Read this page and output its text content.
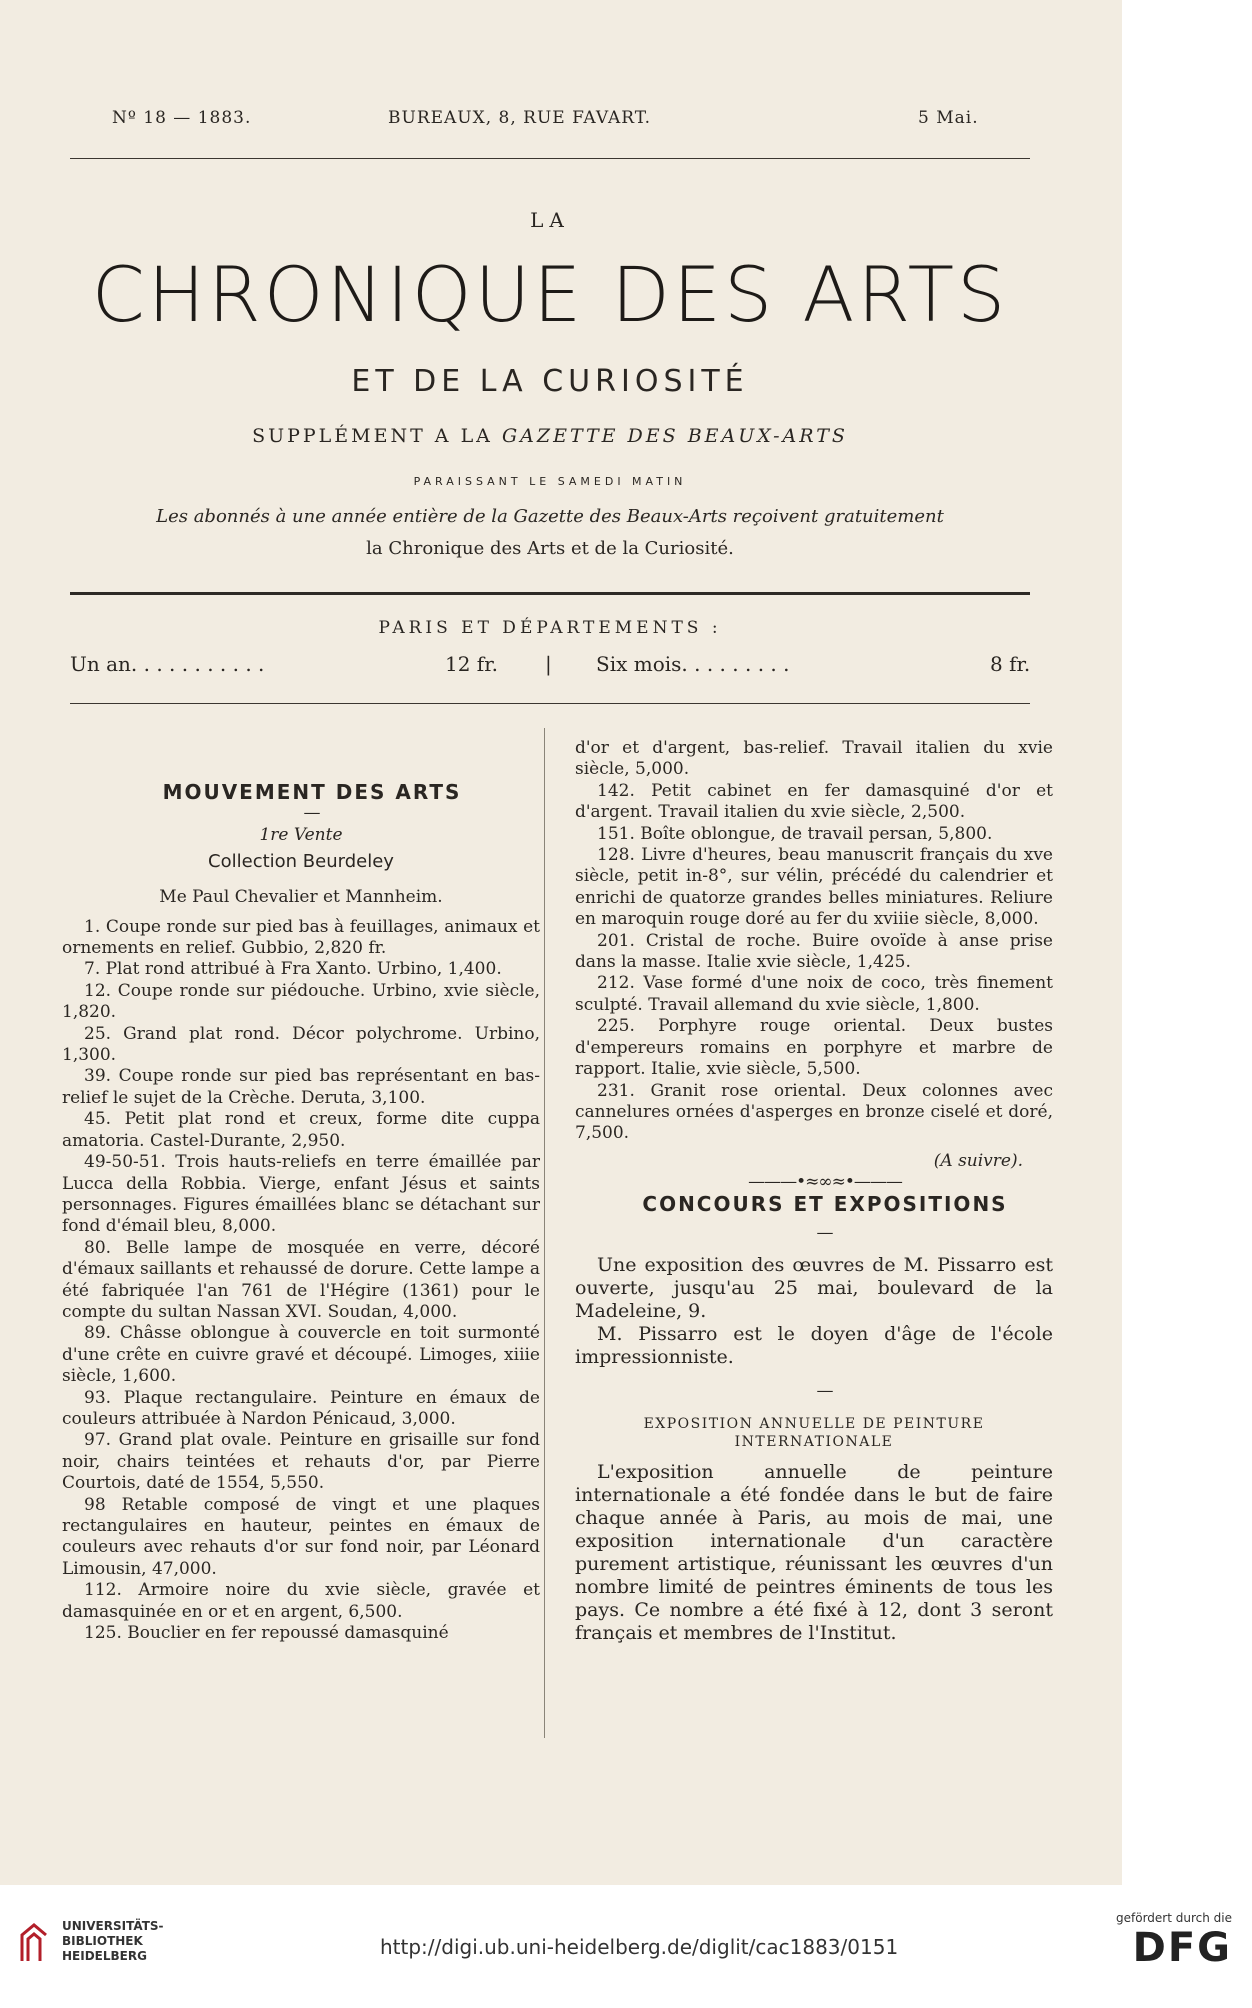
Nº 18 — 1883.	BUREAUX, 8, RUE FAVART.	5 Mai.
LA
CHRONIQUE DES ARTS
ET DE LA CURIOSITÉ
SUPPLÉMENT A LA GAZETTE DES BEAUX-ARTS
PARAISSANT LE SAMEDI MATIN
Les abonnés à une année entière de la Gazette des Beaux-Arts reçoivent gratuitement
la Chronique des Arts et de la Curiosité.
PARIS ET DÉPARTEMENTS :
Un an. . . . . . . . . . .	12 fr. | Six mois. . . . . . . . .	8 fr.

MOUVEMENT DES ARTS

—

1re Vente

Collection Beurdeley

Me Paul Chevalier et Mannheim.

1. Coupe ronde sur pied bas à feuillages, animaux et ornements en relief. Gubbio, 2,820 fr.

7. Plat rond attribué à Fra Xanto. Urbino, 1,400.

12. Coupe ronde sur piédouche. Urbino, xvie siècle, 1,820.

25. Grand plat rond. Décor polychrome. Urbino, 1,300.

39. Coupe ronde sur pied bas représentant en bas-relief le sujet de la Crèche. Deruta, 3,100.

45. Petit plat rond et creux, forme dite cuppa amatoria. Castel-Durante, 2,950.

49-50-51. Trois hauts-reliefs en terre émaillée par Lucca della Robbia. Vierge, enfant Jésus et saints personnages. Figures émaillées blanc se détachant sur fond d'émail bleu, 8,000.

80. Belle lampe de mosquée en verre, décoré d'émaux saillants et rehaussé de dorure. Cette lampe a été fabriquée l'an 761 de l'Hégire (1361) pour le compte du sultan Nassan XVI. Soudan, 4,000.

89. Châsse oblongue à couvercle en toit surmonté d'une crête en cuivre gravé et découpé. Limoges, xiiie siècle, 1,600.

93. Plaque rectangulaire. Peinture en émaux de couleurs attribuée à Nardon Pénicaud, 3,000.

97. Grand plat ovale. Peinture en grisaille sur fond noir, chairs teintées et rehauts d'or, par Pierre Courtois, daté de 1554, 5,550.

98 Retable composé de vingt et une plaques rectangulaires en hauteur, peintes en émaux de couleurs avec rehauts d'or sur fond noir, par Léonard Limousin, 47,000.

112. Armoire noire du xvie siècle, gravée et damasquinée en or et en argent, 6,500.

125. Bouclier en fer repoussé damasquiné

d'or et d'argent, bas-relief. Travail italien du xvie siècle, 5,000.

142. Petit cabinet en fer damasquiné d'or et d'argent. Travail italien du xvie siècle, 2,500.

151. Boîte oblongue, de travail persan, 5,800.

128. Livre d'heures, beau manuscrit français du xve siècle, petit in-8°, sur vélin, précédé du calendrier et enrichi de quatorze grandes belles miniatures. Reliure en maroquin rouge doré au fer du xviiie siècle, 8,000.

201. Cristal de roche. Buire ovoïde à anse prise dans la masse. Italie xvie siècle, 1,425.

212. Vase formé d'une noix de coco, très finement sculpté. Travail allemand du xvie siècle, 1,800.

225. Porphyre rouge oriental. Deux bustes d'empereurs romains en porphyre et marbre de rapport. Italie, xvie siècle, 5,500.

231. Granit rose oriental. Deux colonnes avec cannelures ornées d'asperges en bronze ciselé et doré, 7,500.

(A suivre).

———•≈∞≈•———

CONCOURS ET EXPOSITIONS

—

Une exposition des œuvres de M. Pissarro est ouverte, jusqu'au 25 mai, boulevard de la Madeleine, 9.

M. Pissarro est le doyen d'âge de l'école impressionniste.

—

EXPOSITION ANNUELLE DE PEINTURE INTERNATIONALE

L'exposition annuelle de peinture internationale a été fondée dans le but de faire chaque année à Paris, au mois de mai, une exposition internationale d'un caractère purement artistique, réunissant les œuvres d'un nombre limité de peintres éminents de tous les pays. Ce nombre a été fixé à 12, dont 3 seront français et membres de l'Institut.

UNIVERSITÄTS-
BIBLIOTHEK
HEIDELBERG	http://digi.ub.uni-heidelberg.de/diglit/cac1883/0151
gefördert durch die
DFG
